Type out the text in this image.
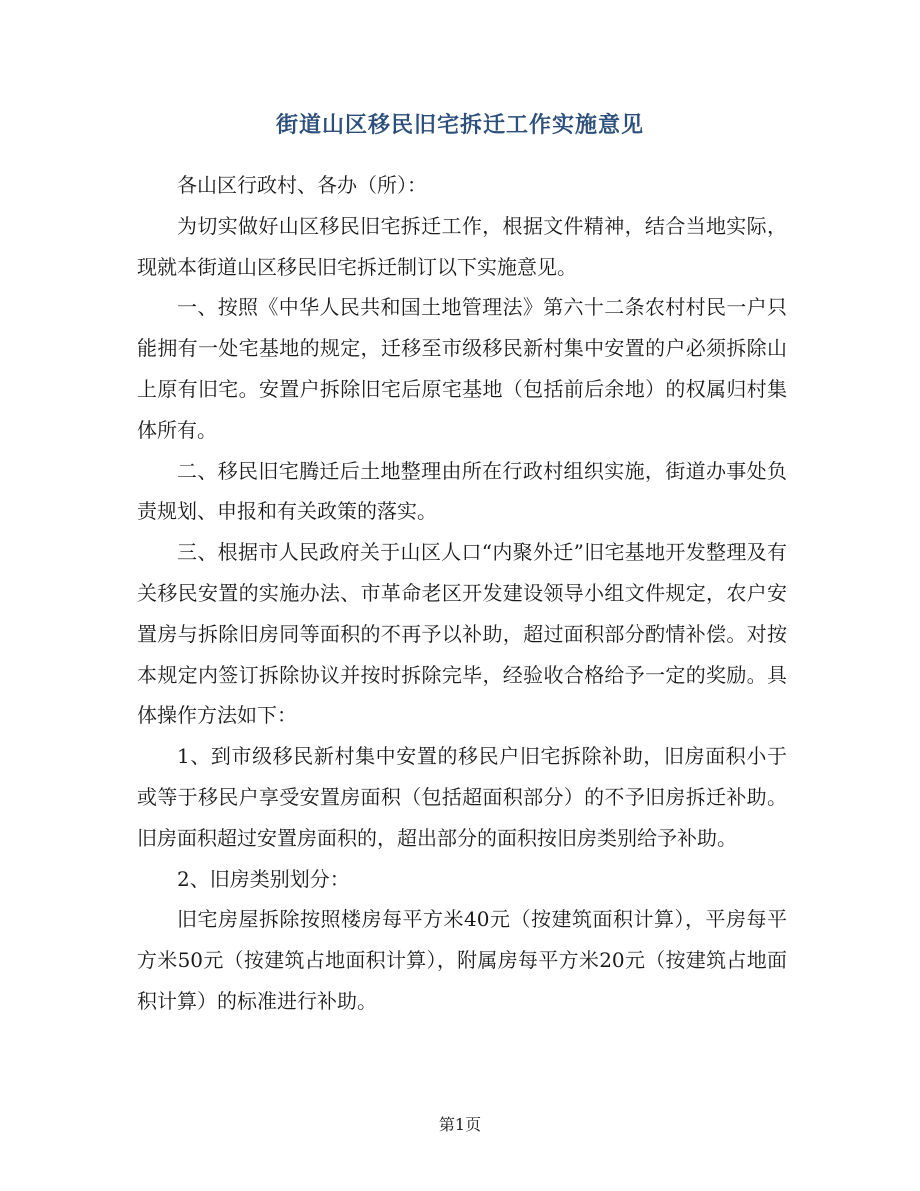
街道山区移民旧宅拆迁工作实施意见

各山区行政村、各办（所）：

为切实做好山区移民旧宅拆迁工作，根据文件精神，结合当地实际，现就本街道山区移民旧宅拆迁制订以下实施意见。

一、按照《中华人民共和国土地管理法》第六十二条农村村民一户只能拥有一处宅基地的规定，迁移至市级移民新村集中安置的户必须拆除山上原有旧宅。安置户拆除旧宅后原宅基地（包括前后余地）的权属归村集体所有。

二、移民旧宅腾迁后土地整理由所在行政村组织实施，街道办事处负责规划、申报和有关政策的落实。

三、根据市人民政府关于山区人口“内聚外迁”旧宅基地开发整理及有关移民安置的实施办法、市革命老区开发建设领导小组文件规定，农户安置房与拆除旧房同等面积的不再予以补助，超过面积部分酌情补偿。对按本规定内签订拆除协议并按时拆除完毕，经验收合格给予一定的奖励。具体操作方法如下：

1、到市级移民新村集中安置的移民户旧宅拆除补助，旧房面积小于或等于移民户享受安置房面积（包括超面积部分）的不予旧房拆迁补助。旧房面积超过安置房面积的，超出部分的面积按旧房类别给予补助。

2、旧房类别划分：

旧宅房屋拆除按照楼房每平方米40元（按建筑面积计算），平房每平方米50元（按建筑占地面积计算），附属房每平方米20元（按建筑占地面积计算）的标准进行补助。

第1页
